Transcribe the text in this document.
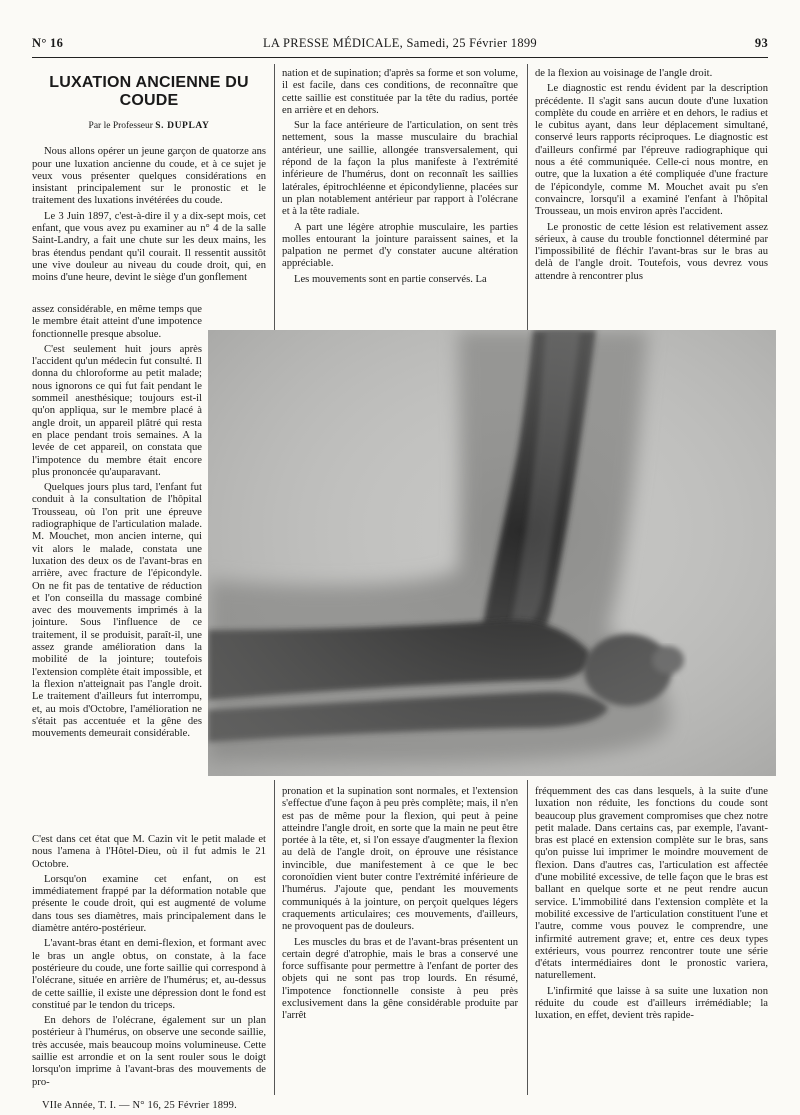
N° 16	LA PRESSE MÉDICALE, Samedi, 25 Février 1899	93
LUXATION ANCIENNE DU COUDE
Par le Professeur S. DUPLAY

Nous allons opérer un jeune garçon de quatorze ans pour une luxation ancienne du coude, et à ce sujet je veux vous présenter quelques considérations en insistant principalement sur le pronostic et le traitement des luxations invétérées du coude.

Le 3 Juin 1897, c'est-à-dire il y a dix-sept mois, cet enfant, que vous avez pu examiner au n° 4 de la salle Saint-Landry, a fait une chute sur les deux mains, les bras étendus pendant qu'il courait. Il ressentit aussitôt une vive douleur au niveau du coude droit, qui, en moins d'une heure, devint le siège d'un gonflement

assez considérable, en même temps que le membre était atteint d'une impotence fonctionnelle presque absolue.

C'est seulement huit jours après l'accident qu'un médecin fut consulté. Il donna du chloroforme au petit malade; nous ignorons ce qui fut fait pendant le sommeil anesthésique; toujours est-il qu'on appliqua, sur le membre placé à angle droit, un appareil plâtré qui resta en place pendant trois semaines. A la levée de cet appareil, on constata que l'impotence du membre était encore plus prononcée qu'auparavant.

Quelques jours plus tard, l'enfant fut conduit à la consultation de l'hôpital Trousseau, où l'on prit une épreuve radiographique de l'articulation malade. M. Mouchet, mon ancien interne, qui vit alors le malade, constata une luxation des deux os de l'avant-bras en arrière, avec fracture de l'épicondyle. On ne fit pas de tentative de réduction et l'on conseilla du massage combiné avec des mouvements imprimés à la jointure. Sous l'influence de ce traitement, il se produisit, paraît-il, une assez grande amélioration dans la mobilité de la jointure; toutefois l'extension complète était impossible, et la flexion n'atteignait pas l'angle droit. Le traitement d'ailleurs fut interrompu, et, au mois d'Octobre, l'amélioration ne s'était pas accentuée et la gêne des mouvements demeurait considérable.

C'est dans cet état que M. Cazin vit le petit malade et nous l'amena à l'Hôtel-Dieu, où il fut admis le 21 Octobre.

Lorsqu'on examine cet enfant, on est immédiatement frappé par la déformation notable que présente le coude droit, qui est augmenté de volume dans tous ses diamètres, mais principalement dans le diamètre antéro-postérieur.

L'avant-bras étant en demi-flexion, et formant avec le bras un angle obtus, on constate, à la face postérieure du coude, une forte saillie qui correspond à l'olécrane, située en arrière de l'humérus; et, au-dessus de cette saillie, il existe une dépression dont le fond est constitué par le tendon du triceps.

En dehors de l'olécrane, également sur un plan postérieur à l'humérus, on observe une seconde saillie, très accusée, mais beaucoup moins volumineuse. Cette saillie est arrondie et on la sent rouler sous le doigt lorsqu'on imprime à l'avant-bras des mouvements de pro-

nation et de supination; d'après sa forme et son volume, il est facile, dans ces conditions, de reconnaître que cette saillie est constituée par la tête du radius, portée en arrière et en dehors.

Sur la face antérieure de l'articulation, on sent très nettement, sous la masse musculaire du brachial antérieur, une saillie, allongée transversalement, qui répond de la façon la plus manifeste à l'extrémité inférieure de l'humérus, dont on reconnaît les saillies latérales, épitrochléenne et épicondylienne, placées sur un plan notablement antérieur par rapport à l'olécrane et à la tête radiale.

A part une légère atrophie musculaire, les parties molles entourant la jointure paraissent saines, et la palpation ne permet d'y constater aucune altération appréciable.

Les mouvements sont en partie conservés. La

de la flexion au voisinage de l'angle droit.

Le diagnostic est rendu évident par la description précédente. Il s'agit sans aucun doute d'une luxation complète du coude en arrière et en dehors, le radius et le cubitus ayant, dans leur déplacement simultané, conservé leurs rapports réciproques. Le diagnostic est d'ailleurs confirmé par l'épreuve radiographique qui nous a été communiquée. Celle-ci nous montre, en outre, que la luxation a été compliquée d'une fracture de l'épicondyle, comme M. Mouchet avait pu s'en convaincre, lorsqu'il a examiné l'enfant à l'hôpital Trousseau, un mois environ après l'accident.

Le pronostic de cette lésion est relativement assez sérieux, à cause du trouble fonctionnel déterminé par l'impossibilité de fléchir l'avant-bras sur le bras au delà de l'angle droit. Toutefois, vous devrez vous attendre à rencontrer plus

pronation et la supination sont normales, et l'extension s'effectue d'une façon à peu près complète; mais, il n'en est pas de même pour la flexion, qui peut à peine atteindre l'angle droit, en sorte que la main ne peut être portée à la tête, et, si l'on essaye d'augmenter la flexion au delà de l'angle droit, on éprouve une résistance invincible, due manifestement à ce que le bec coronoïdien vient buter contre l'extrémité inférieure de l'humérus. J'ajoute que, pendant les mouvements communiqués à la jointure, on perçoit quelques légers craquements articulaires; ces mouvements, d'ailleurs, ne provoquent pas de douleurs.

Les muscles du bras et de l'avant-bras présentent un certain degré d'atrophie, mais le bras a conservé une force suffisante pour permettre à l'enfant de porter des objets qui ne sont pas trop lourds. En résumé, l'impotence fonctionnelle consiste à peu près exclusivement dans la gêne considérable produite par l'arrêt

fréquemment des cas dans lesquels, à la suite d'une luxation non réduite, les fonctions du coude sont beaucoup plus gravement compromises que chez notre petit malade. Dans certains cas, par exemple, l'avant-bras est placé en extension complète sur le bras, sans qu'on puisse lui imprimer le moindre mouvement de flexion. Dans d'autres cas, l'articulation est affectée d'une mobilité excessive, de telle façon que le bras est ballant en quelque sorte et ne peut rendre aucun service. L'immobilité dans l'extension complète et la mobilité excessive de l'articulation constituent l'une et l'autre, comme vous pouvez le comprendre, une infirmité autrement grave; et, entre ces deux types extérieurs, vous pourrez rencontrer toute une série d'états intermédiaires dont le pronostic variera, naturellement.

L'infirmité que laisse à sa suite une luxation non réduite du coude est d'ailleurs irrémédiable; la luxation, en effet, devient très rapide-

VIIe Année, T. I. — N° 16, 25 Février 1899.
